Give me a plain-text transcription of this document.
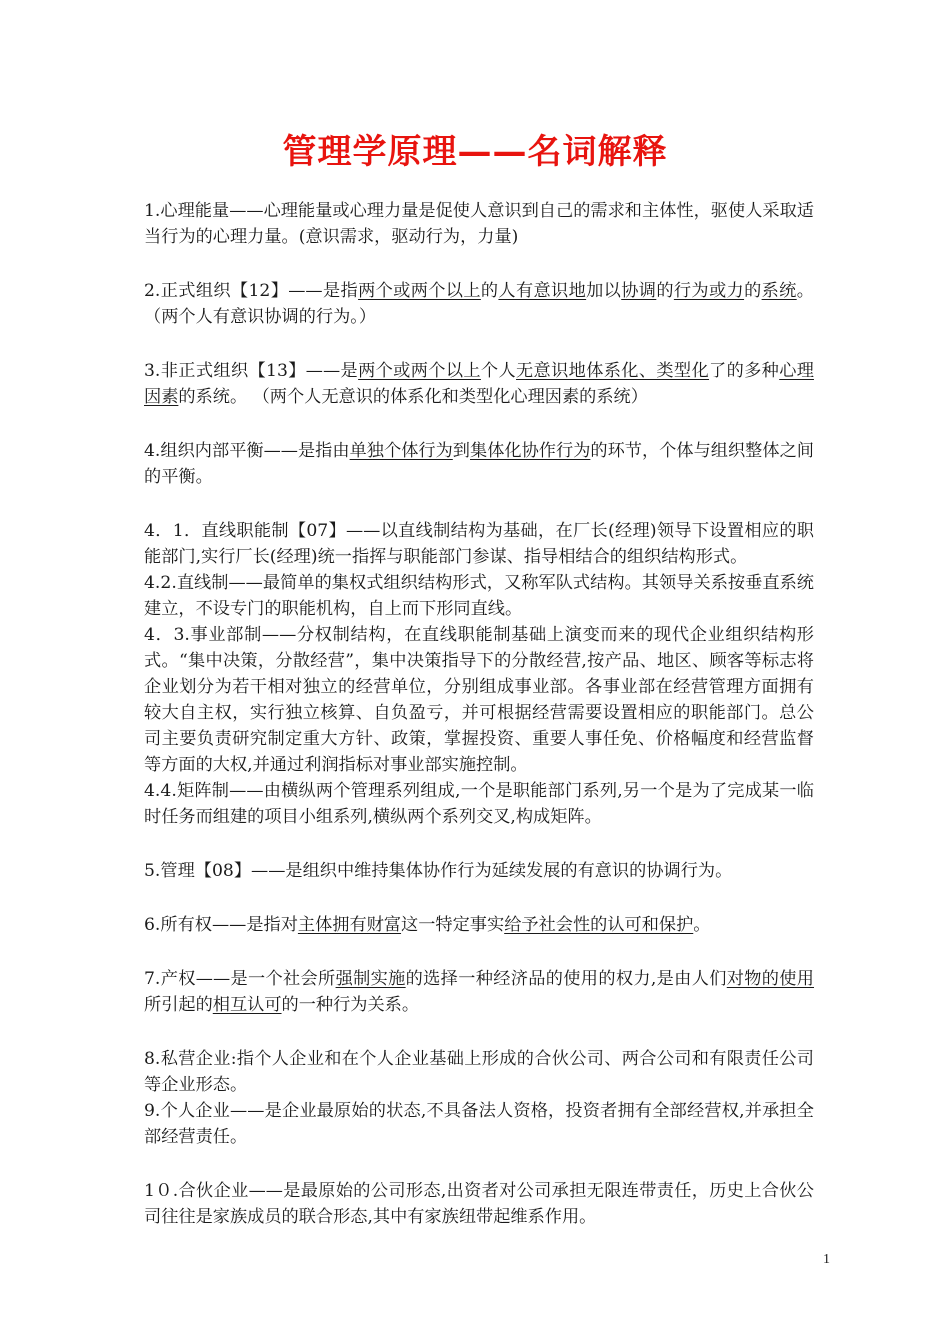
管理学原理——名词解释

1.心理能量——心理能量或心理力量是促使人意识到自己的需求和主体性，驱使人采取适当行为的心理力量。(意识需求，驱动行为，力量)

2.正式组织【12】——是指两个或两个以上的人有意识地加以协调的行为或力的系统。（两个人有意识协调的行为。）

3.非正式组织【13】——是两个或两个以上个人无意识地体系化、类型化了的多种心理因素的系统。 （两个人无意识的体系化和类型化心理因素的系统）

4.组织内部平衡——是指由单独个体行为到集体化协作行为的环节，个体与组织整体之间的平衡。

4．1．直线职能制【07】——以直线制结构为基础，在厂长(经理)领导下设置相应的职能部门,实行厂长(经理)统一指挥与职能部门参谋、指导相结合的组织结构形式。

4.2.直线制——最简单的集权式组织结构形式，又称军队式结构。其领导关系按垂直系统建立，不设专门的职能机构，自上而下形同直线。

4．3.事业部制——分权制结构，在直线职能制基础上演变而来的现代企业组织结构形式。“集中决策，分散经营”，集中决策指导下的分散经营,按产品、地区、顾客等标志将企业划分为若干相对独立的经营单位，分别组成事业部。各事业部在经营管理方面拥有较大自主权，实行独立核算、自负盈亏，并可根据经营需要设置相应的职能部门。总公司主要负责研究制定重大方针、政策，掌握投资、重要人事任免、价格幅度和经营监督等方面的大权,并通过利润指标对事业部实施控制。

4.4.矩阵制——由横纵两个管理系列组成,一个是职能部门系列,另一个是为了完成某一临时任务而组建的项目小组系列,横纵两个系列交叉,构成矩阵。

5.管理【08】——是组织中维持集体协作行为延续发展的有意识的协调行为。

6.所有权——是指对主体拥有财富这一特定事实给予社会性的认可和保护。

7.产权——是一个社会所强制实施的选择一种经济品的使用的权力,是由人们对物的使用所引起的相互认可的一种行为关系。

8.私营企业:指个人企业和在个人企业基础上形成的合伙公司、两合公司和有限责任公司等企业形态。

9.个人企业——是企业最原始的状态,不具备法人资格，投资者拥有全部经营权,并承担全部经营责任。

1０.合伙企业——是最原始的公司形态,出资者对公司承担无限连带责任，历史上合伙公司往往是家族成员的联合形态,其中有家族纽带起维系作用。

1
